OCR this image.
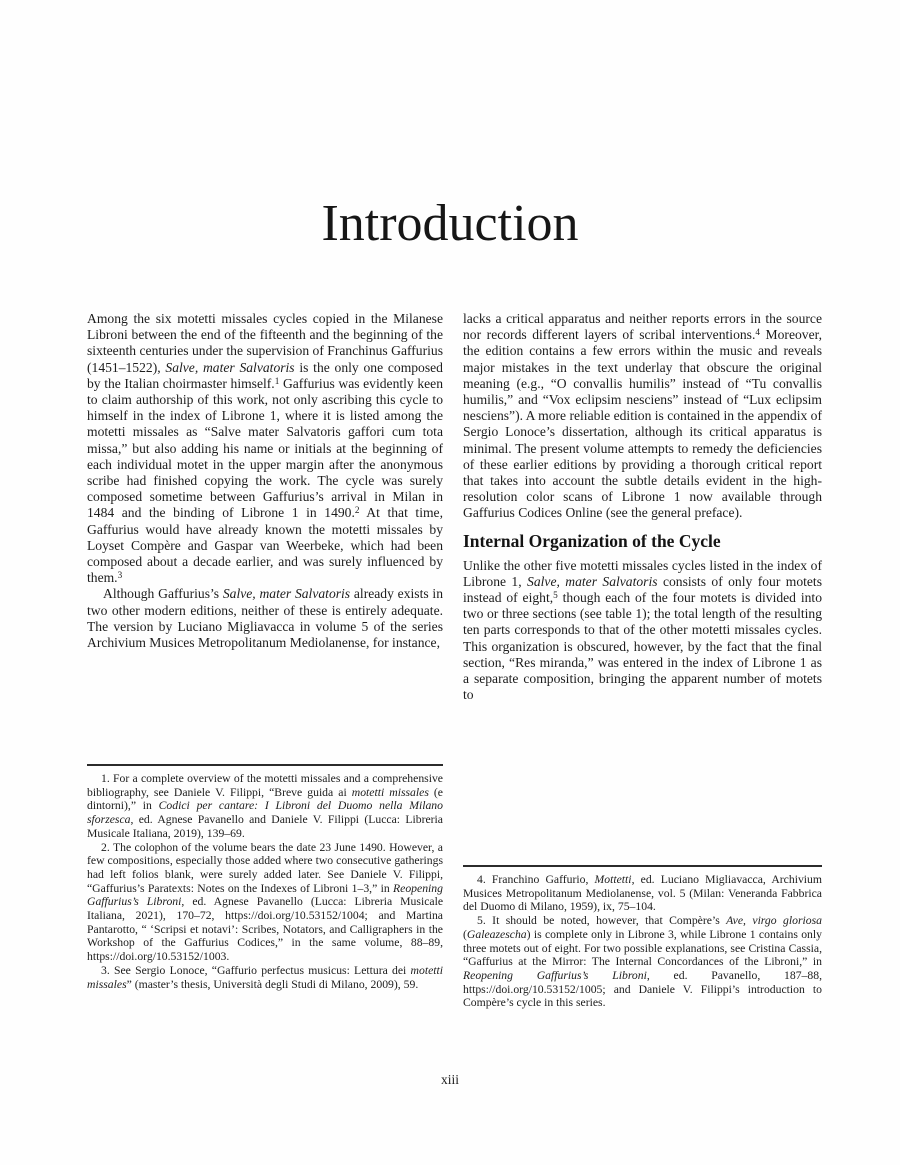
Introduction

Among the six motetti missales cycles copied in the Milanese Libroni between the end of the fifteenth and the beginning of the sixteenth centuries under the supervision of Franchinus Gaffurius (1451–1522), Salve, mater Salvatoris is the only one composed by the Italian choirmaster himself.$^1$ Gaffurius was evidently keen to claim authorship of this work, not only ascribing this cycle to himself in the index of Librone 1, where it is listed among the motetti missales as “Salve mater Salvatoris gaffori cum tota missa,” but also adding his name or initials at the beginning of each individual motet in the upper margin after the anonymous scribe had finished copying the work. The cycle was surely composed sometime between Gaffurius’s arrival in Milan in 1484 and the binding of Librone 1 in 1490.$^2$ At that time, Gaffurius would have already known the motetti missales by Loyset Compère and Gaspar van Weerbeke, which had been composed about a decade earlier, and was surely influenced by them.$^3$

Although Gaffurius’s Salve, mater Salvatoris already exists in two other modern editions, neither of these is entirely adequate. The version by Luciano Migliavacca in volume 5 of the series Archivium Musices Metropolitanum Mediolanense, for instance,

1. For a complete overview of the motetti missales and a comprehensive bibliography, see Daniele V. Filippi, “Breve guida ai motetti missales (e dintorni),” in Codici per cantare: I Libroni del Duomo nella Milano sforzesca, ed. Agnese Pavanello and Daniele V. Filippi (Lucca: Libreria Musicale Italiana, 2019), 139–69.

2. The colophon of the volume bears the date 23 June 1490. However, a few compositions, especially those added where two consecutive gatherings had left folios blank, were surely added later. See Daniele V. Filippi, “Gaffurius’s Paratexts: Notes on the Indexes of Libroni 1–3,” in Reopening Gaffurius’s Libroni, ed. Agnese Pavanello (Lucca: Libreria Musicale Italiana, 2021), 170–72, https://doi.org/10.53152/1004; and Martina Pantarotto, “ ‘Scripsi et notavi’: Scribes, Notators, and Calligraphers in the Workshop of the Gaffurius Codices,” in the same volume, 88–89, https://doi.org/10.53152/1003.

3. See Sergio Lonoce, “Gaffurio perfectus musicus: Lettura dei motetti missales” (master’s thesis, Università degli Studi di Milano, 2009), 59.

lacks a critical apparatus and neither reports errors in the source nor records different layers of scribal interventions.$^4$ Moreover, the edition contains a few errors within the music and reveals major mistakes in the text underlay that obscure the original meaning (e.g., “O convallis humilis” instead of “Tu convallis humilis,” and “Vox eclipsim nesciens” instead of “Lux eclipsim nesciens”). A more reliable edition is contained in the appendix of Sergio Lonoce’s dissertation, although its critical apparatus is minimal. The present volume attempts to remedy the deficiencies of these earlier editions by providing a thorough critical report that takes into account the subtle details evident in the high-resolution color scans of Librone 1 now available through Gaffurius Codices Online (see the general preface).

Internal Organization of the Cycle

Unlike the other five motetti missales cycles listed in the index of Librone 1, Salve, mater Salvatoris consists of only four motets instead of eight,$^5$ though each of the four motets is divided into two or three sections (see table 1); the total length of the resulting ten parts corresponds to that of the other motetti missales cycles. This organization is obscured, however, by the fact that the final section, “Res miranda,” was entered in the index of Librone 1 as a separate composition, bringing the apparent number of motets to

4. Franchino Gaffurio, Mottetti, ed. Luciano Migliavacca, Archivium Musices Metropolitanum Mediolanense, vol. 5 (Milan: Veneranda Fabbrica del Duomo di Milano, 1959), ix, 75–104.

5. It should be noted, however, that Compère’s Ave, virgo gloriosa (Galeazescha) is complete only in Librone 3, while Librone 1 contains only three motets out of eight. For two possible explanations, see Cristina Cassia, “Gaffurius at the Mirror: The Internal Concordances of the Libroni,” in Reopening Gaffurius’s Libroni, ed. Pavanello, 187–88, https://doi.org/10.53152/1005; and Daniele V. Filippi’s introduction to Compère’s cycle in this series.

xiii
